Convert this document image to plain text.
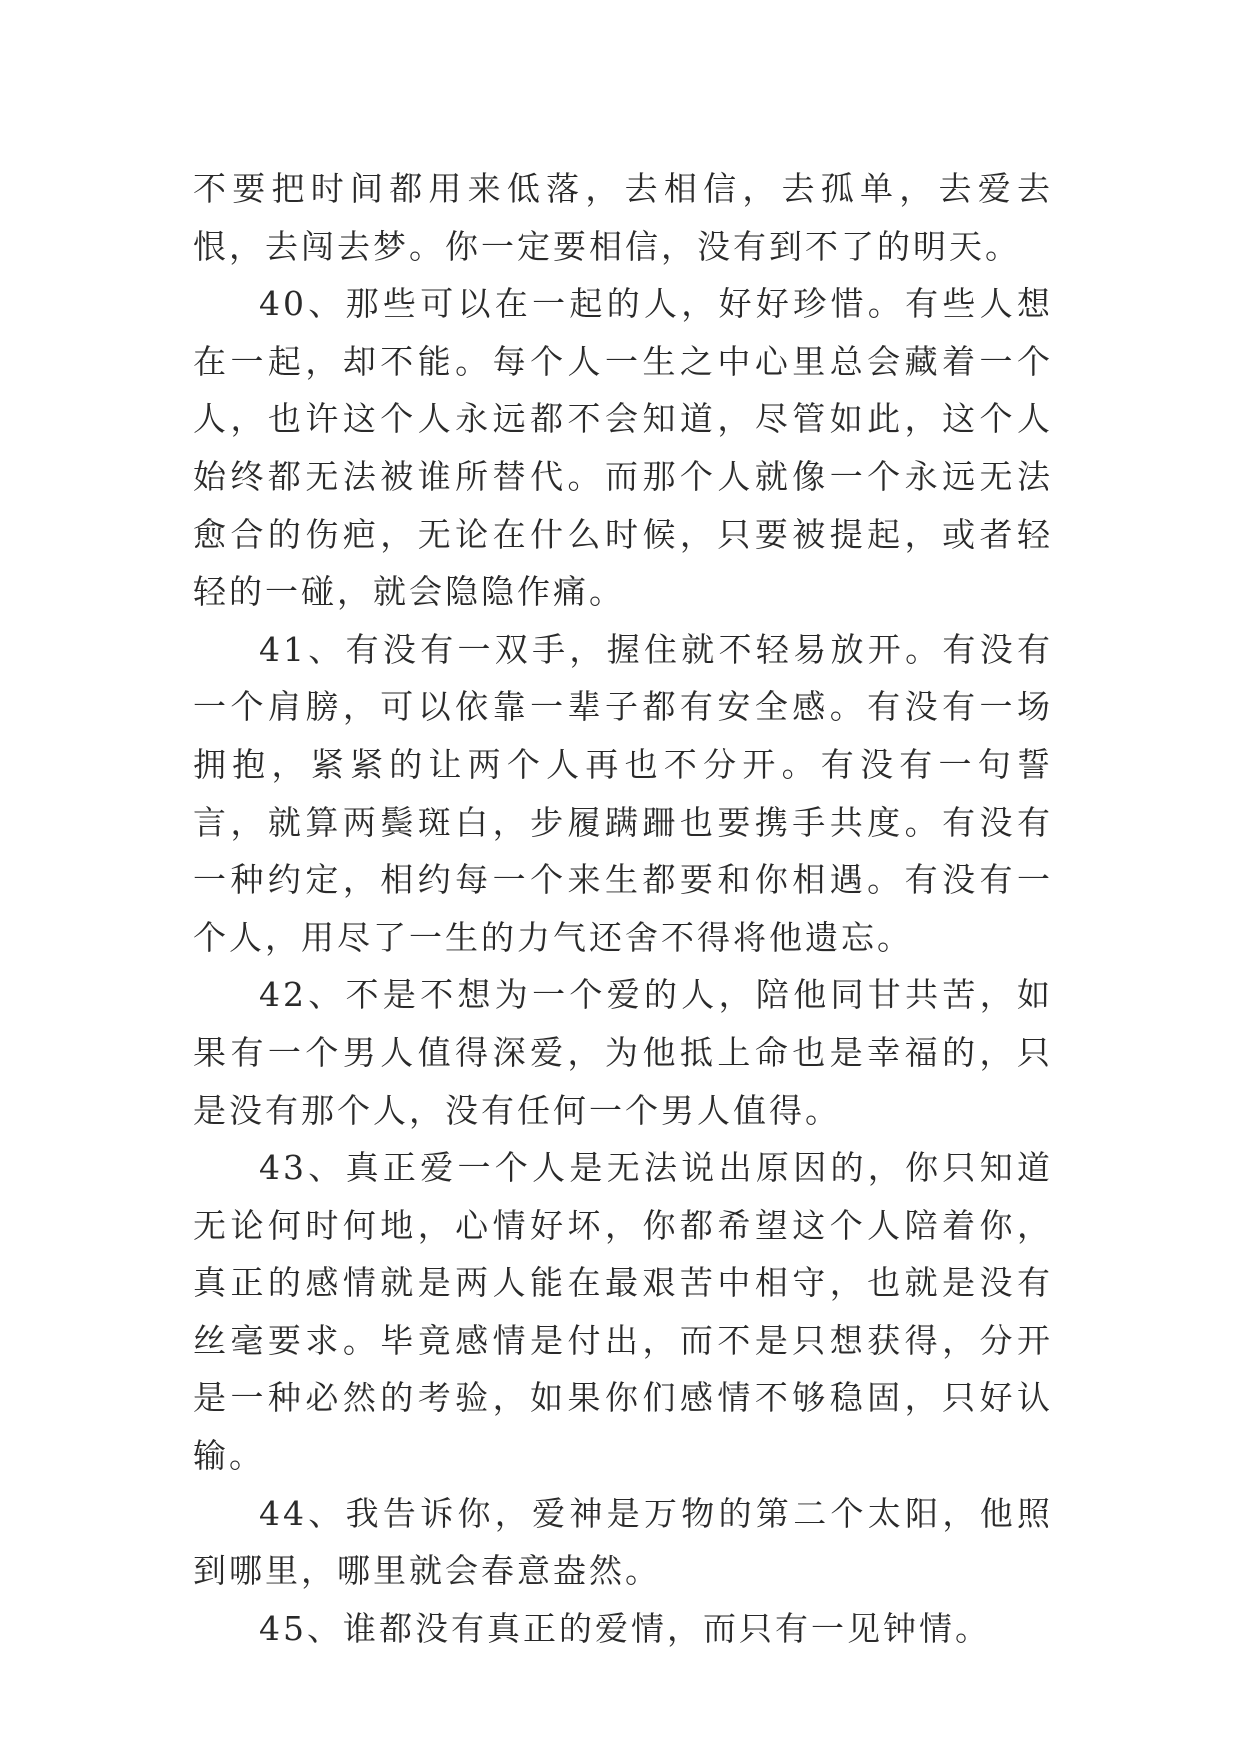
不要把时间都用来低落，去相信，去孤单，去爱去恨，去闯去梦。你一定要相信，没有到不了的明天。

40、那些可以在一起的人，好好珍惜。有些人想在一起，却不能。每个人一生之中心里总会藏着一个人，也许这个人永远都不会知道，尽管如此，这个人始终都无法被谁所替代。而那个人就像一个永远无法愈合的伤疤，无论在什么时候，只要被提起，或者轻轻的一碰，就会隐隐作痛。

41、有没有一双手，握住就不轻易放开。有没有一个肩膀，可以依靠一辈子都有安全感。有没有一场拥抱，紧紧的让两个人再也不分开。有没有一句誓言，就算两鬓斑白，步履蹒跚也要携手共度。有没有一种约定，相约每一个来生都要和你相遇。有没有一个人，用尽了一生的力气还舍不得将他遗忘。

42、不是不想为一个爱的人，陪他同甘共苦，如果有一个男人值得深爱，为他抵上命也是幸福的，只是没有那个人，没有任何一个男人值得。

43、真正爱一个人是无法说出原因的，你只知道无论何时何地，心情好坏，你都希望这个人陪着你，真正的感情就是两人能在最艰苦中相守，也就是没有丝毫要求。毕竟感情是付出，而不是只想获得，分开是一种必然的考验，如果你们感情不够稳固，只好认输。

44、我告诉你，爱神是万物的第二个太阳，他照到哪里，哪里就会春意盎然。

45、谁都没有真正的爱情，而只有一见钟情。
